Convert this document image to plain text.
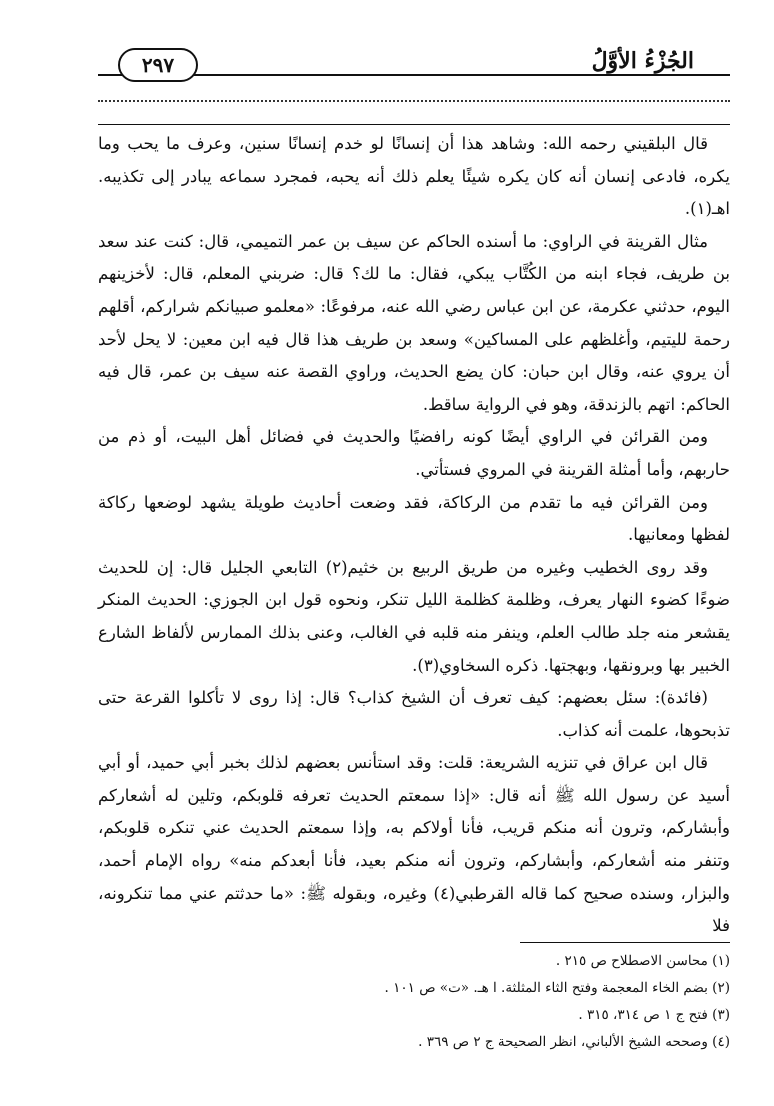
الجُزْءُ الأوَّلُ
٢٩٧

قال البلقيني رحمه الله: وشاهد هذا أن إنسانًا لو خدم إنسانًا سنين، وعرف ما يحب وما يكره، فادعى إنسان أنه كان يكره شيئًا يعلم ذلك أنه يحبه، فمجرد سماعه يبادر إلى تكذيبه. اهـ(١).

مثال القرينة في الراوي: ما أسنده الحاكم عن سيف بن عمر التميمي، قال: كنت عند سعد بن طريف، فجاء ابنه من الكُتَّاب يبكي، فقال: ما لك؟ قال: ضربني المعلم، قال: لأخزينهم اليوم، حدثني عكرمة، عن ابن عباس رضي الله عنه، مرفوعًا: «معلمو صبيانكم شراركم، أقلهم رحمة لليتيم، وأغلظهم على المساكين» وسعد بن طريف هذا قال فيه ابن معين: لا يحل لأحد أن يروي عنه، وقال ابن حبان: كان يضع الحديث، وراوي القصة عنه سيف بن عمر، قال فيه الحاكم: اتهم بالزندقة، وهو في الرواية ساقط.

ومن القرائن في الراوي أيضًا كونه رافضيًا والحديث في فضائل أهل البيت، أو ذم من حاربهم، وأما أمثلة القرينة في المروي فستأتي.

ومن القرائن فيه ما تقدم من الركاكة، فقد وضعت أحاديث طويلة يشهد لوضعها ركاكة لفظها ومعانيها.

وقد روى الخطيب وغيره من طريق الربيع بن خثيم(٢) التابعي الجليل قال: إن للحديث ضوءًا كضوء النهار يعرف، وظلمة كظلمة الليل تنكر، ونحوه قول ابن الجوزي: الحديث المنكر يقشعر منه جلد طالب العلم، وينفر منه قلبه في الغالب، وعنى بذلك الممارس لألفاظ الشارع الخبير بها وبرونقها، وبهجتها. ذكره السخاوي(٣).

(فائدة): سئل بعضهم: كيف تعرف أن الشيخ كذاب؟ قال: إذا روى لا تأكلوا القرعة حتى تذبحوها، علمت أنه كذاب.

قال ابن عراق في تنزيه الشريعة: قلت: وقد استأنس بعضهم لذلك بخبر أبي حميد، أو أبي أسيد عن رسول الله ﷺ أنه قال: «إذا سمعتم الحديث تعرفه قلوبكم، وتلين له أشعاركم وأبشاركم، وترون أنه منكم قريب، فأنا أولاكم به، وإذا سمعتم الحديث عني تنكره قلوبكم، وتنفر منه أشعاركم، وأبشاركم، وترون أنه منكم بعيد، فأنا أبعدكم منه» رواه الإمام أحمد، والبزار، وسنده صحيح كما قاله القرطبي(٤) وغيره، وبقوله ﷺ: «ما حدثتم عني مما تنكرونه، فلا

(١) محاسن الاصطلاح ص ٢١٥ .
(٢) بضم الخاء المعجمة وفتح الثاء المثلثة. ا هـ. «ت» ص ١٠١ .
(٣) فتح ج ١ ص ٣١٤، ٣١٥ .
(٤) وصححه الشيخ الألباني، انظر الصحيحة ج ٢ ص ٣٦٩ .
